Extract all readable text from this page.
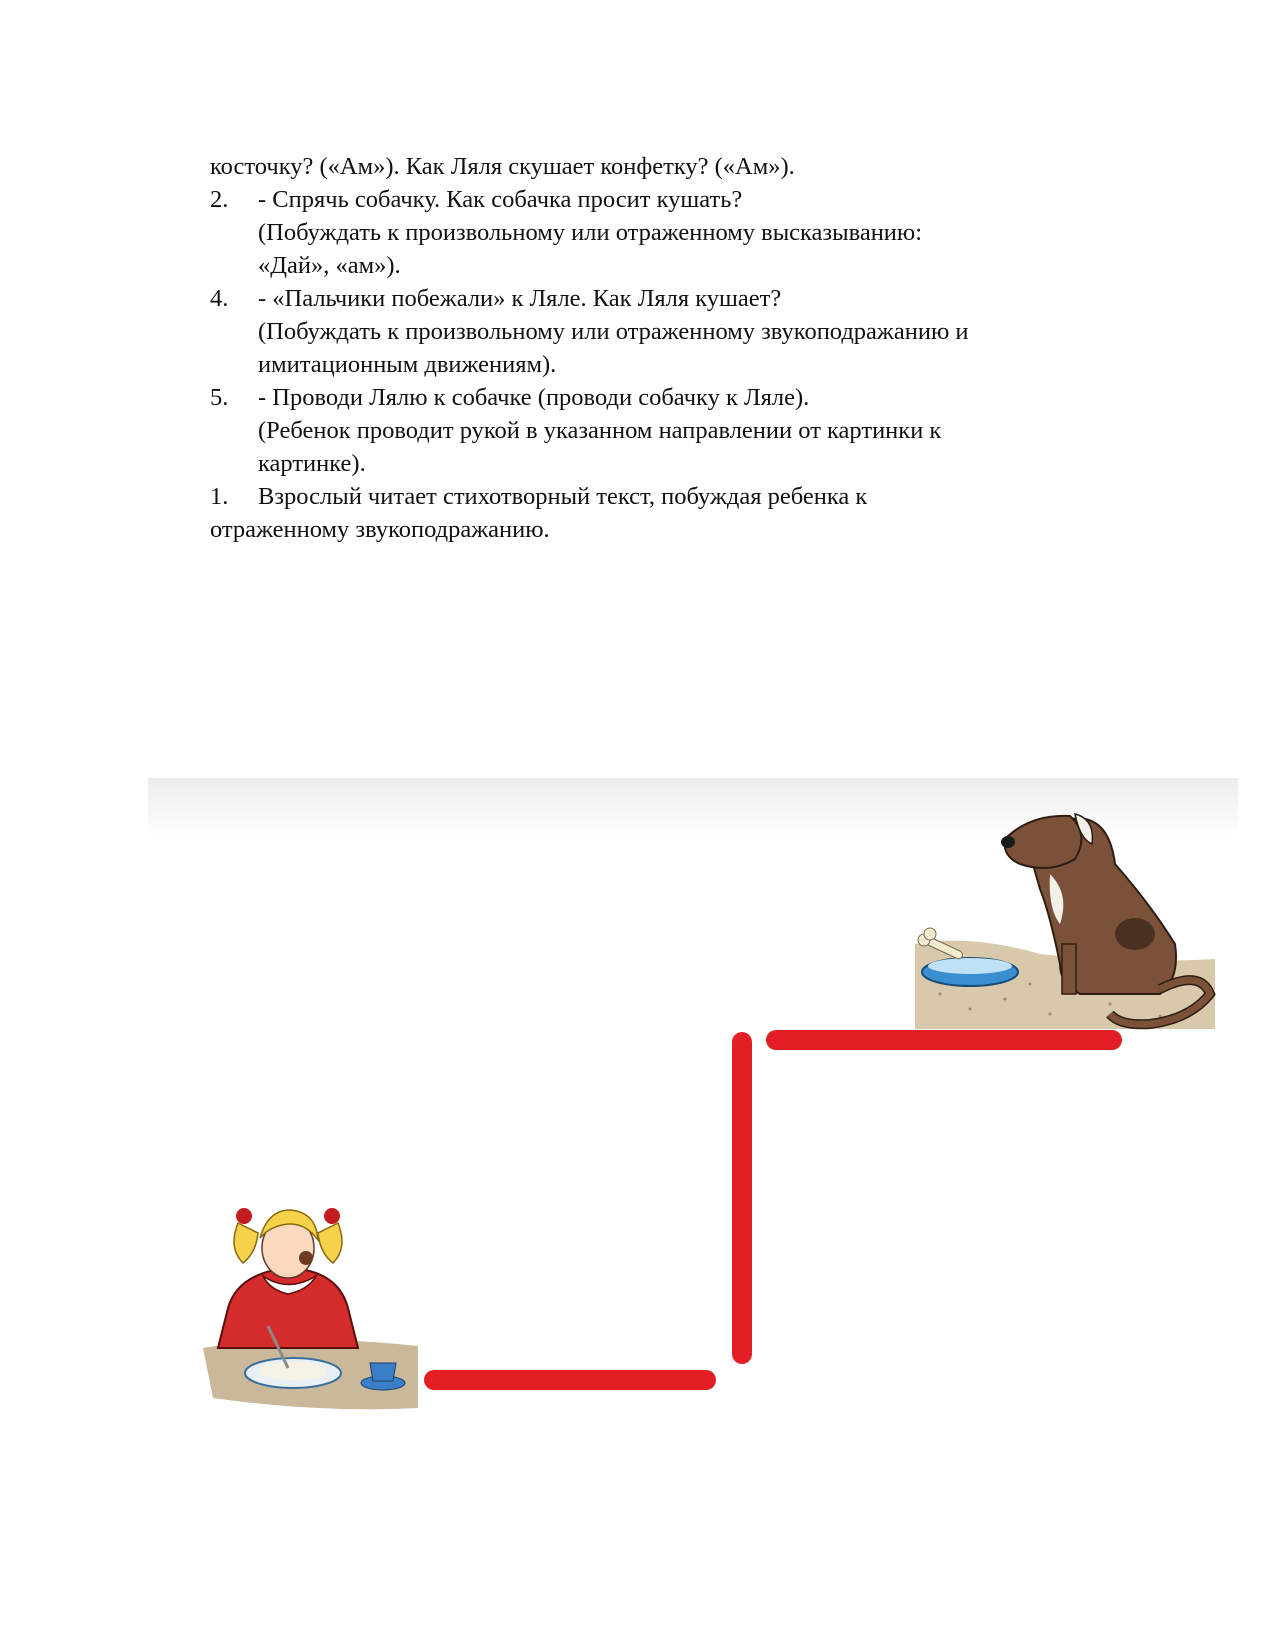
косточку? («Ам»). Как Ляля скушает конфетку? («Ам»).
2.	- Спрячь собачку. Как собачка просит кушать?
(Побуждать к произвольному или отраженному высказыванию:
«Дай», «ам»).
4.	- «Пальчики побежали» к Ляле. Как Ляля кушает?
(Побуждать к произвольному или отраженному звукоподражанию и
имитационным движениям).
5.	- Проводи Лялю к собачке (проводи собачку к Ляле).
(Ребенок проводит рукой в указанном направлении от картинки к
картинке).
1.	Взрослый читает стихотворный текст, побуждая ребенка к
отраженному звукоподражанию.
